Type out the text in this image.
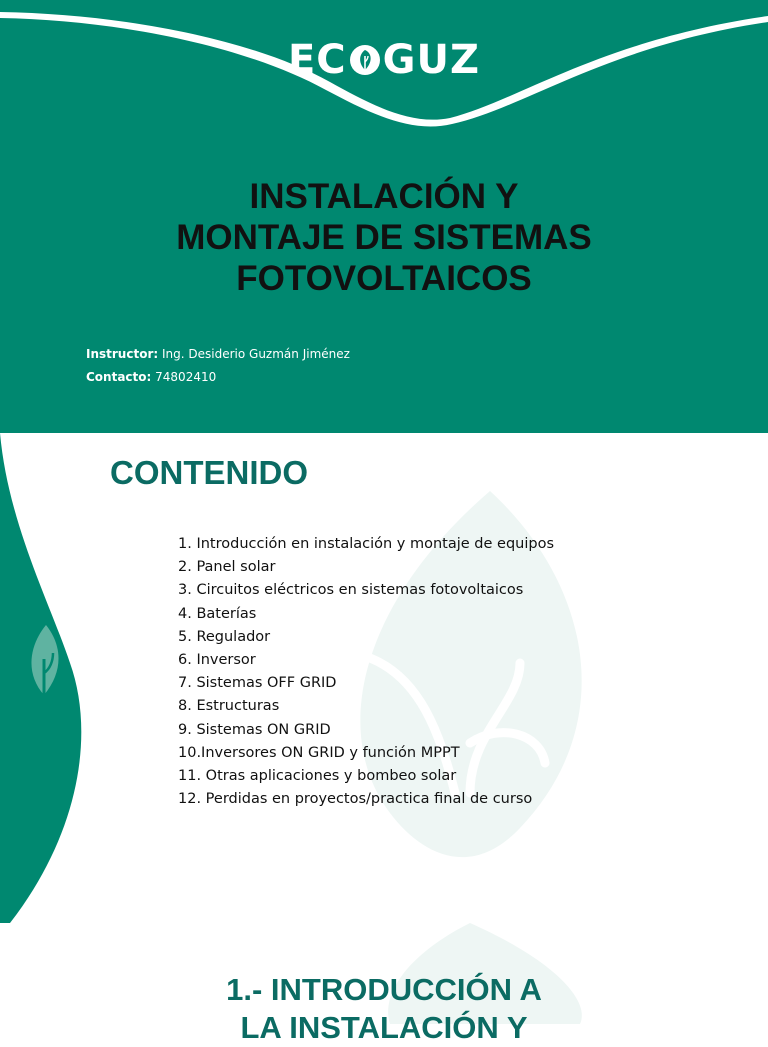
EC GUZ
INSTALACIÓN Y
MONTAJE DE SISTEMAS
FOTOVOLTAICOS
Instructor: Ing. Desiderio Guzmán Jiménez
Contacto: 74802410
CONTENIDO
1. Introducción en instalación y montaje de equipos
2. Panel solar
3. Circuitos eléctricos en sistemas fotovoltaicos
4. Baterías
5. Regulador
6. Inversor
7. Sistemas OFF GRID
8. Estructuras
9. Sistemas ON GRID
10.Inversores ON GRID y función MPPT
11. Otras aplicaciones y bombeo solar
12. Perdidas en proyectos/practica final de curso
1.- INTRODUCCIÓN A
LA INSTALACIÓN Y
